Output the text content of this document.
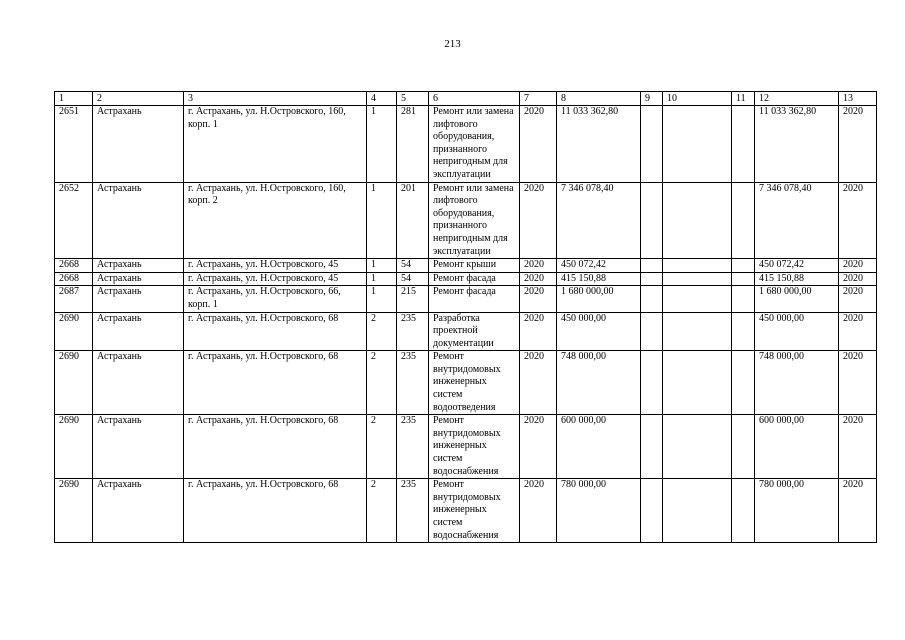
213
1	2	3	4	5	6	7	8	9	10	11	12	13
2651	Астрахань	г. Астрахань, ул. Н.Островского, 160, корп. 1	1	281	Ремонт или замена лифтового оборудования, признанного непригодным для эксплуатации	2020	11 033 362,80				11 033 362,80	2020
2652	Астрахань	г. Астрахань, ул. Н.Островского, 160, корп. 2	1	201	Ремонт или замена лифтового оборудования, признанного непригодным для эксплуатации	2020	7 346 078,40				7 346 078,40	2020
2668	Астрахань	г. Астрахань, ул. Н.Островского, 45	1	54	Ремонт крыши	2020	450 072,42				450 072,42	2020
2668	Астрахань	г. Астрахань, ул. Н.Островского, 45	1	54	Ремонт фасада	2020	415 150,88				415 150,88	2020
2687	Астрахань	г. Астрахань, ул. Н.Островского, 66, корп. 1	1	215	Ремонт фасада	2020	1 680 000,00				1 680 000,00	2020
2690	Астрахань	г. Астрахань, ул. Н.Островского, 68	2	235	Разработка проектной документации	2020	450 000,00				450 000,00	2020
2690	Астрахань	г. Астрахань, ул. Н.Островского, 68	2	235	Ремонт внутридомовых инженерных систем водоотведения	2020	748 000,00				748 000,00	2020
2690	Астрахань	г. Астрахань, ул. Н.Островского, 68	2	235	Ремонт внутридомовых инженерных систем водоснабжения	2020	600 000,00				600 000,00	2020
2690	Астрахань	г. Астрахань, ул. Н.Островского, 68	2	235	Ремонт внутридомовых инженерных систем водоснабжения	2020	780 000,00				780 000,00	2020
